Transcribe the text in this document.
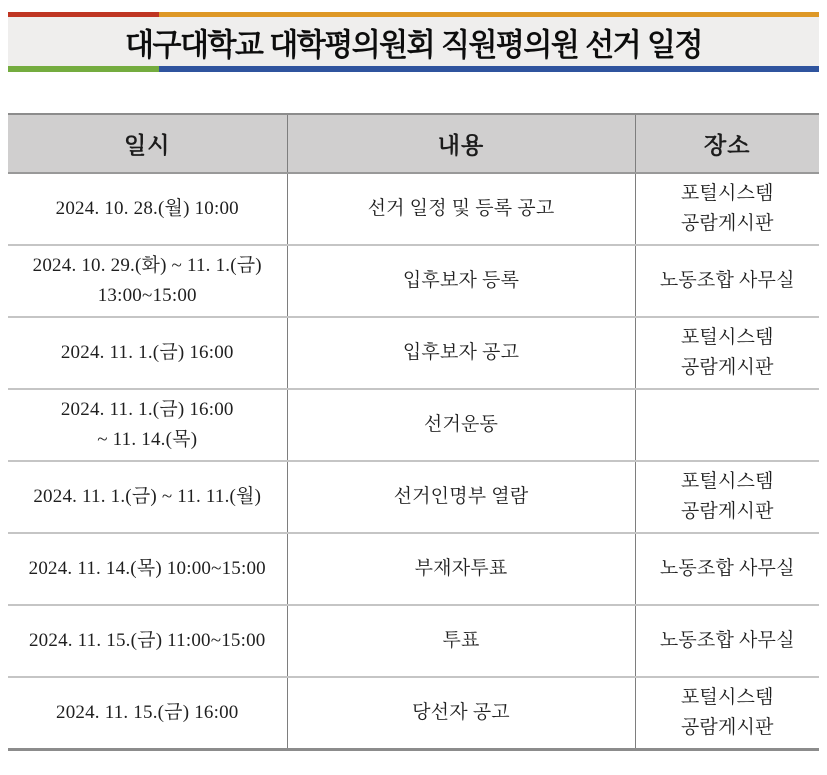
대구대학교 대학평의원회 직원평의원 선거 일정
일시	내용	장소

2024. 10. 28.(월) 10:00	선거 일정 및 등록 공고	포털시스템
공람게시판

2024. 10. 29.(화) ~ 11. 1.(금)
13:00~15:00	입후보자 등록	노동조합 사무실

2024. 11. 1.(금) 16:00	입후보자 공고	포털시스템
공람게시판

2024. 11. 1.(금) 16:00
~ 11. 14.(목)	선거운동	

2024. 11. 1.(금) ~ 11. 11.(월)	선거인명부 열람	포털시스템
공람게시판

2024. 11. 14.(목) 10:00~15:00	부재자투표	노동조합 사무실

2024. 11. 15.(금) 11:00~15:00	투표	노동조합 사무실

2024. 11. 15.(금) 16:00	당선자 공고	포털시스템
공람게시판
